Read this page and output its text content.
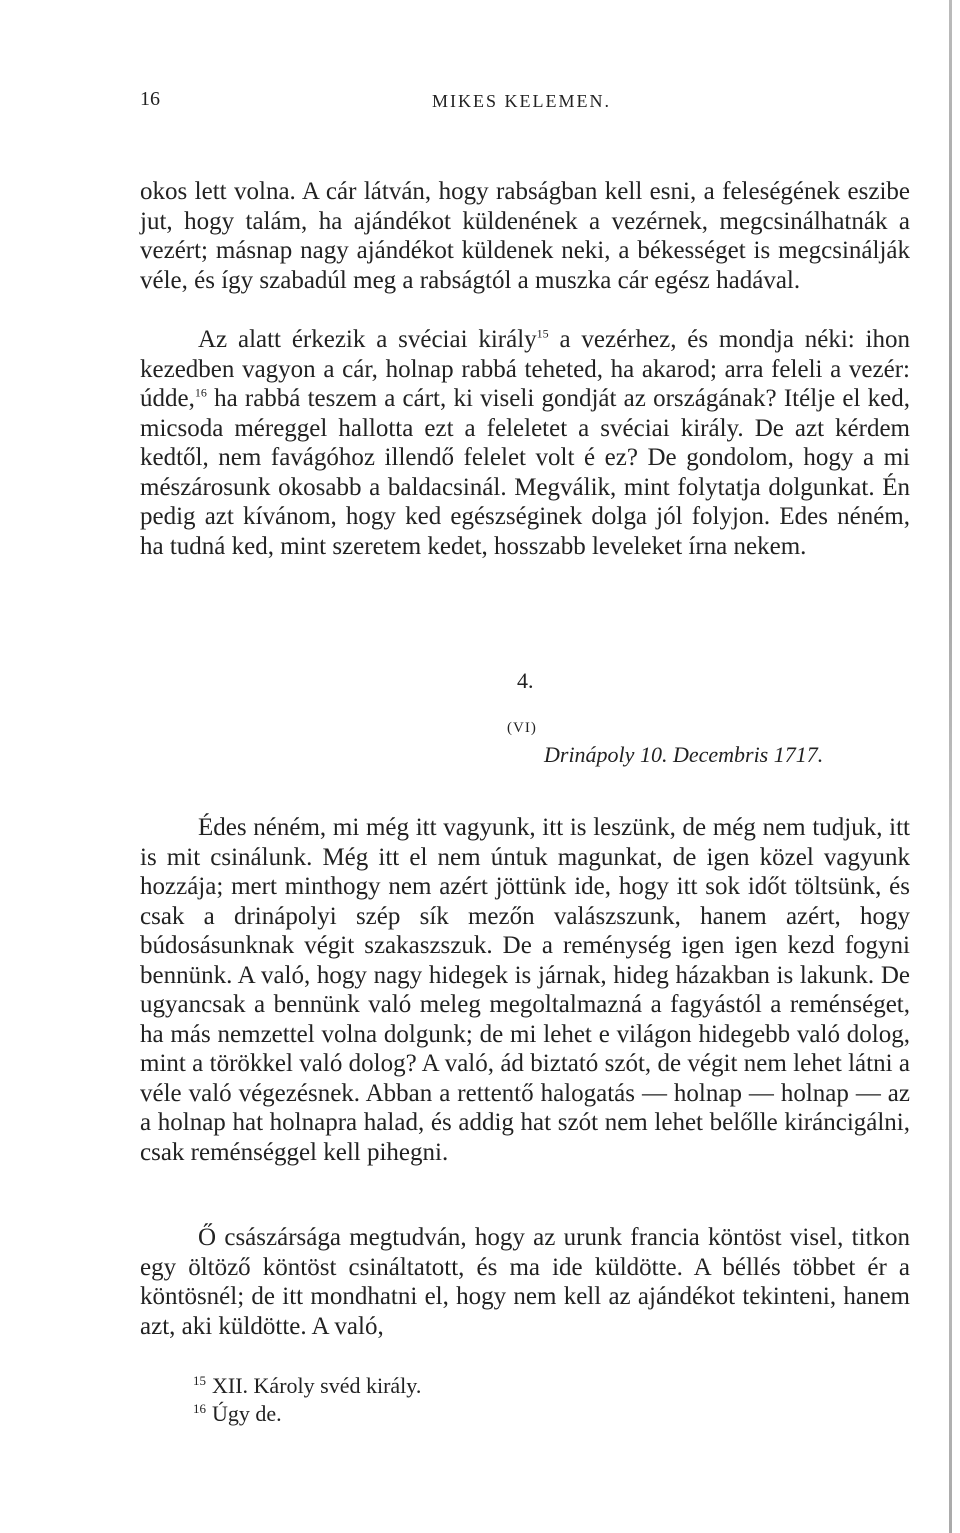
16	MIKES KELEMEN.

okos lett volna. A cár látván, hogy rabságban kell esni, a feleségének eszibe jut, hogy talám, ha ajándékot küldenének a vezérnek, megcsinálhatnák a vezért; másnap nagy ajándékot küldenek neki, a békességet is megcsinálják véle, és így szabadúl meg a rabságtól a muszka cár egész hadával.

Az alatt érkezik a svéciai király$^{15}$ a vezérhez, és mondja néki: ihon kezedben vagyon a cár, holnap rabbá teheted, ha akarod; arra feleli a vezér: údde,$^{16}$ ha rabbá teszem a cárt, ki viseli gondját az országának? Itélje el ked, micsoda méreggel hallotta ezt a feleletet a svéciai király. De azt kérdem kedtől, nem favágóhoz illendő felelet volt é ez? De gondolom, hogy a mi mészárosunk okosabb a baldacsinál. Megválik, mint folytatja dolgunkat. Én pedig azt kívánom, hogy ked egészséginek dolga jól folyjon. Edes néném, ha tudná ked, mint szeretem kedet, hosszabb leveleket írna nekem.

4.
(VI)
Drinápoly 10. Decembris 1717.

Édes néném, mi még itt vagyunk, itt is leszünk, de még nem tudjuk, itt is mit csinálunk. Még itt el nem úntuk magunkat, de igen közel vagyunk hozzája; mert minthogy nem azért jöttünk ide, hogy itt sok időt töltsünk, és csak a drinápolyi szép sík mezőn valászszunk, hanem azért, hogy búdosásunknak végit szakaszszuk. De a reménység igen igen kezd fogyni bennünk. A való, hogy nagy hidegek is járnak, hideg házakban is lakunk. De ugyancsak a bennünk való meleg megoltalmazná a fagyástól a reménséget, ha más nemzettel volna dolgunk; de mi lehet e világon hidegebb való dolog, mint a törökkel való dolog? A való, ád biztató szót, de végit nem lehet látni a véle való végezésnek. Abban a rettentő halogatás — holnap — holnap — az a holnap hat holnapra halad, és addig hat szót nem lehet belőlle kiráncigálni, csak reménséggel kell pihegni.

Ő császársága megtudván, hogy az urunk francia köntöst visel, titkon egy öltöző köntöst csináltatott, és ma ide küldötte. A béllés többet ér a köntösnél; de itt mondhatni el, hogy nem kell az ajándékot tekinteni, hanem azt, aki küldötte. A való,

$^{15}$ XII. Károly svéd király.
$^{16}$ Úgy de.
